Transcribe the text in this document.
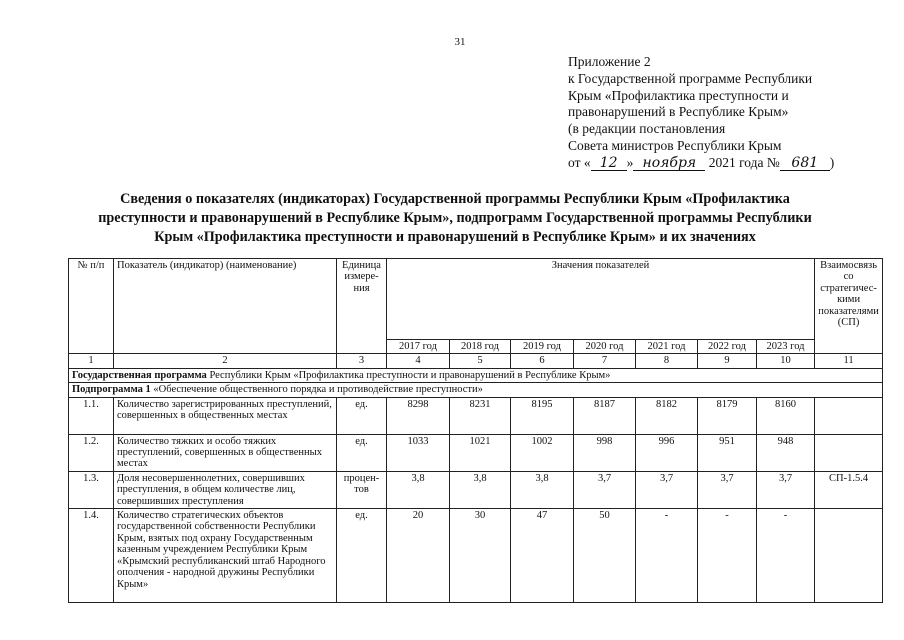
31
Приложение 2
к Государственной программе Республики
Крым «Профилактика преступности и
правонарушений в Республике Крым»
(в редакции постановления
Совета министров Республики Крым
от « 12 » ноября 2021 года № 681 )
Сведения о показателях (индикаторах) Государственной программы Республики Крым «Профилактика
преступности и правонарушений в Республике Крым», подпрограмм Государственной программы Республики
Крым «Профилактика преступности и правонарушений в Республике Крым» и их значениях
№ п/п	Показатель (индикатор) (наименование)	Единица измере-ния	Значения показателей							Взаимосвязь со стратегичес-кими показателями (СП)
			2017 год	2018 год	2019 год	2020 год	2021 год	2022 год	2023 год	
1	2	3	4	5	6	7	8	9	10	11
Государственная программа Республики Крым «Профилактика преступности и правонарушений в Республике Крым»										
Подпрограмма 1 «Обеспечение общественного порядка и противодействие преступности»										
1.1.	Количество зарегистрированных преступлений, совершенных в общественных местах	ед.	8298	8231	8195	8187	8182	8179	8160	
1.2.	Количество тяжких и особо тяжких преступлений, совершенных в общественных местах	ед.	1033	1021	1002	998	996	951	948	
1.3.	Доля несовершеннолетних, совершивших преступления, в общем количестве лиц, совершивших преступления	процен-тов	3,8	3,8	3,8	3,7	3,7	3,7	3,7	СП-1.5.4
1.4.	Количество стратегических объектов государственной собственности Республики Крым, взятых под охрану Государственным казенным учреждением Республики Крым «Крымский республиканский штаб Народного ополчения - народной дружины Республики Крым»	ед.	20	30	47	50	-	-	-	
